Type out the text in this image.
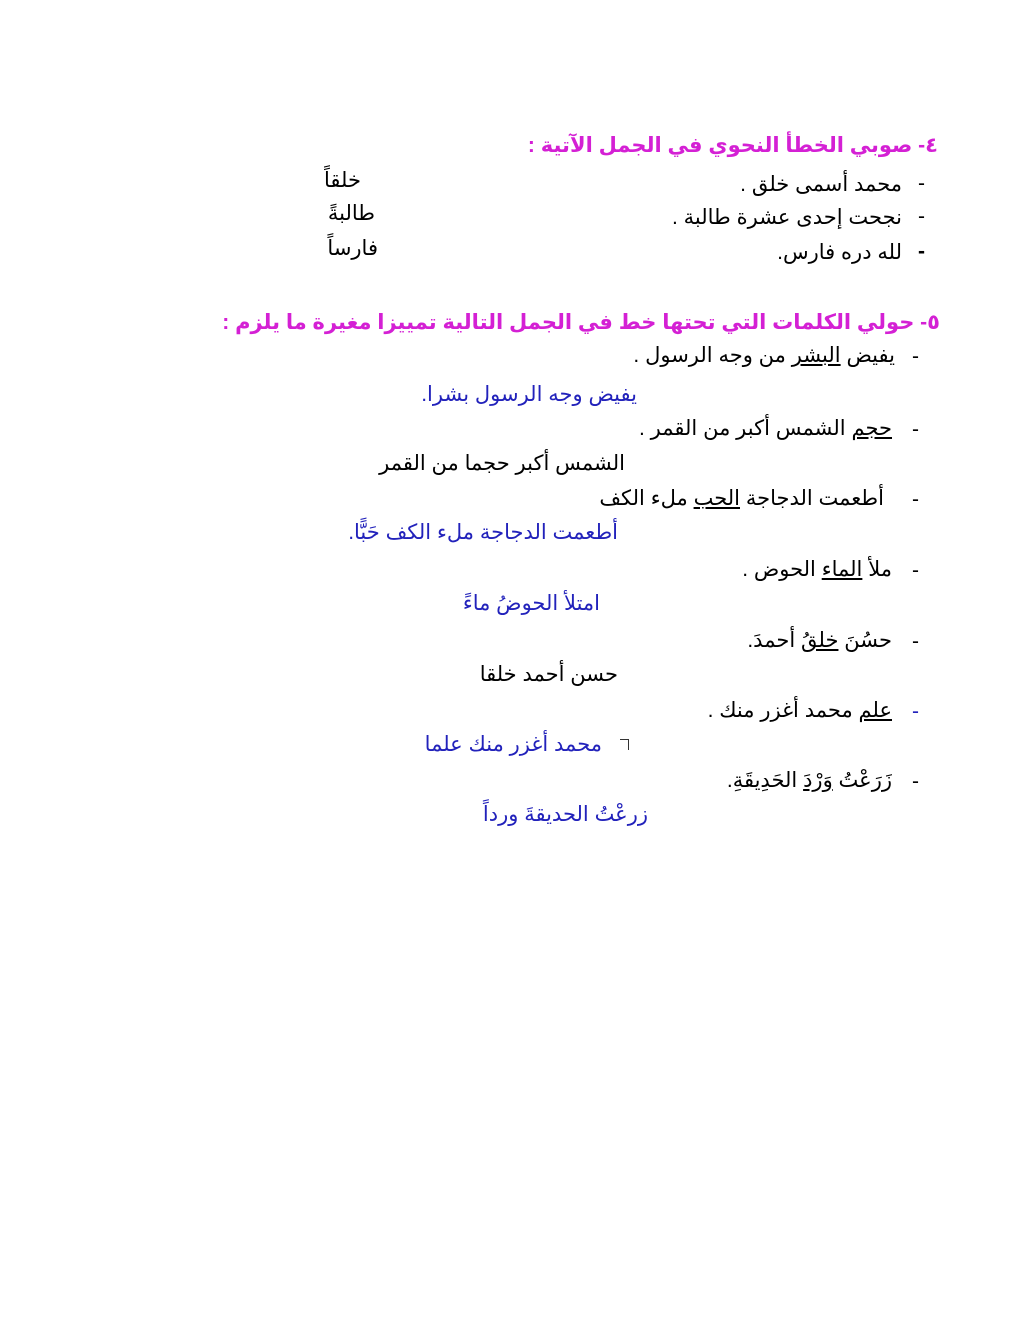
٤- صوبي الخطأ النحوي في الجمل الآتية :
-
محمد أسمى خلق .
خلقاً
-
نجحت إحدى عشرة طالبة .
طالبةً
-
لله دره فارس.
فارساً
٥- حولي الكلمات التي تحتها خط في الجمل التالية تمييزا مغيرة ما يلزم :
-
يفيض البشر من وجه الرسول .
يفيض وجه الرسول بشرا.
-
حجم الشمس أكبر من القمر .
الشمس أكبر حجما من القمر
-
أطعمت الدجاجة الحب ملء الكف
أطعمت الدجاجة ملء الكف حَبًّا.
-
ملأ الماء الحوض .
امتلأ الحوضُ ماءً
-
حسُنَ خلقُ أحمدَ.
حسن أحمد خلقا
-
علم محمد أغزر منك .
محمد أغزر منك علما
-
زَرَعْتُ وَرْدَ الحَدِيقَةِ.
زرعْتُ الحديقةَ ورداً
